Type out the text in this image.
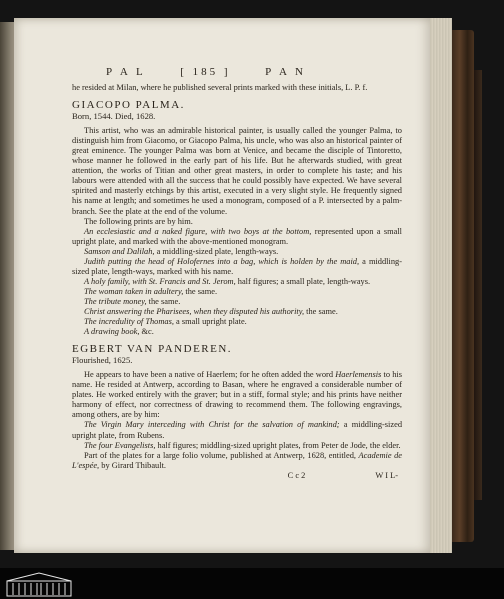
P A L	[ 185 ]	P A N

he resided at Milan, where he published several prints marked with these initials, L. P. f.

GIACOPO PALMA.

Born, 1544. Died, 1628.

This artist, who was an admirable historical painter, is usually called the younger Palma, to distinguish him from Giacomo, or Giacopo Palma, his uncle, who was also an historical painter of great eminence. The younger Palma was born at Venice, and became the disciple of Tintoretto, whose manner he followed in the early part of his life. But he afterwards studied, with great attention, the works of Titian and other great masters, in order to complete his taste; and his labours were attended with all the success that he could possibly have expected. We have several spirited and masterly etchings by this artist, executed in a very slight style. He frequently signed his name at length; and sometimes he used a monogram, composed of a P. intersected by a palm-branch. See the plate at the end of the volume.

The following prints are by him.

An ecclesiastic and a naked figure, with two boys at the bottom, represented upon a small upright plate, and marked with the above-mentioned monogram.

Samson and Dalilah, a middling-sized plate, length-ways.

Judith putting the head of Holofernes into a bag, which is holden by the maid, a middling-sized plate, length-ways, marked with his name.

A holy family, with St. Francis and St. Jerom, half figures; a small plate, length-ways.

The woman taken in adultery, the same.

The tribute money, the same.

Christ answering the Pharisees, when they disputed his authority, the same.

The incredulity of Thomas, a small upright plate.

A drawing book, &c.

EGBERT VAN PANDEREN.

Flourished, 1625.

He appears to have been a native of Haerlem; for he often added the word Haerlemensis to his name. He resided at Antwerp, according to Basan, where he engraved a considerable number of plates. He worked entirely with the graver; but in a stiff, formal style; and his prints have neither harmony of effect, nor correctness of drawing to recommend them. The following engravings, among others, are by him:

The Virgin Mary interceding with Christ for the salvation of mankind; a middling-sized upright plate, from Rubens.

The four Evangelists, half figures; middling-sized upright plates, from Peter de Jode, the elder.

Part of the plates for a large folio volume, published at Antwerp, 1628, entitled, Academie de L'espée, by Girard Thibault.

C c 2	W I L-
